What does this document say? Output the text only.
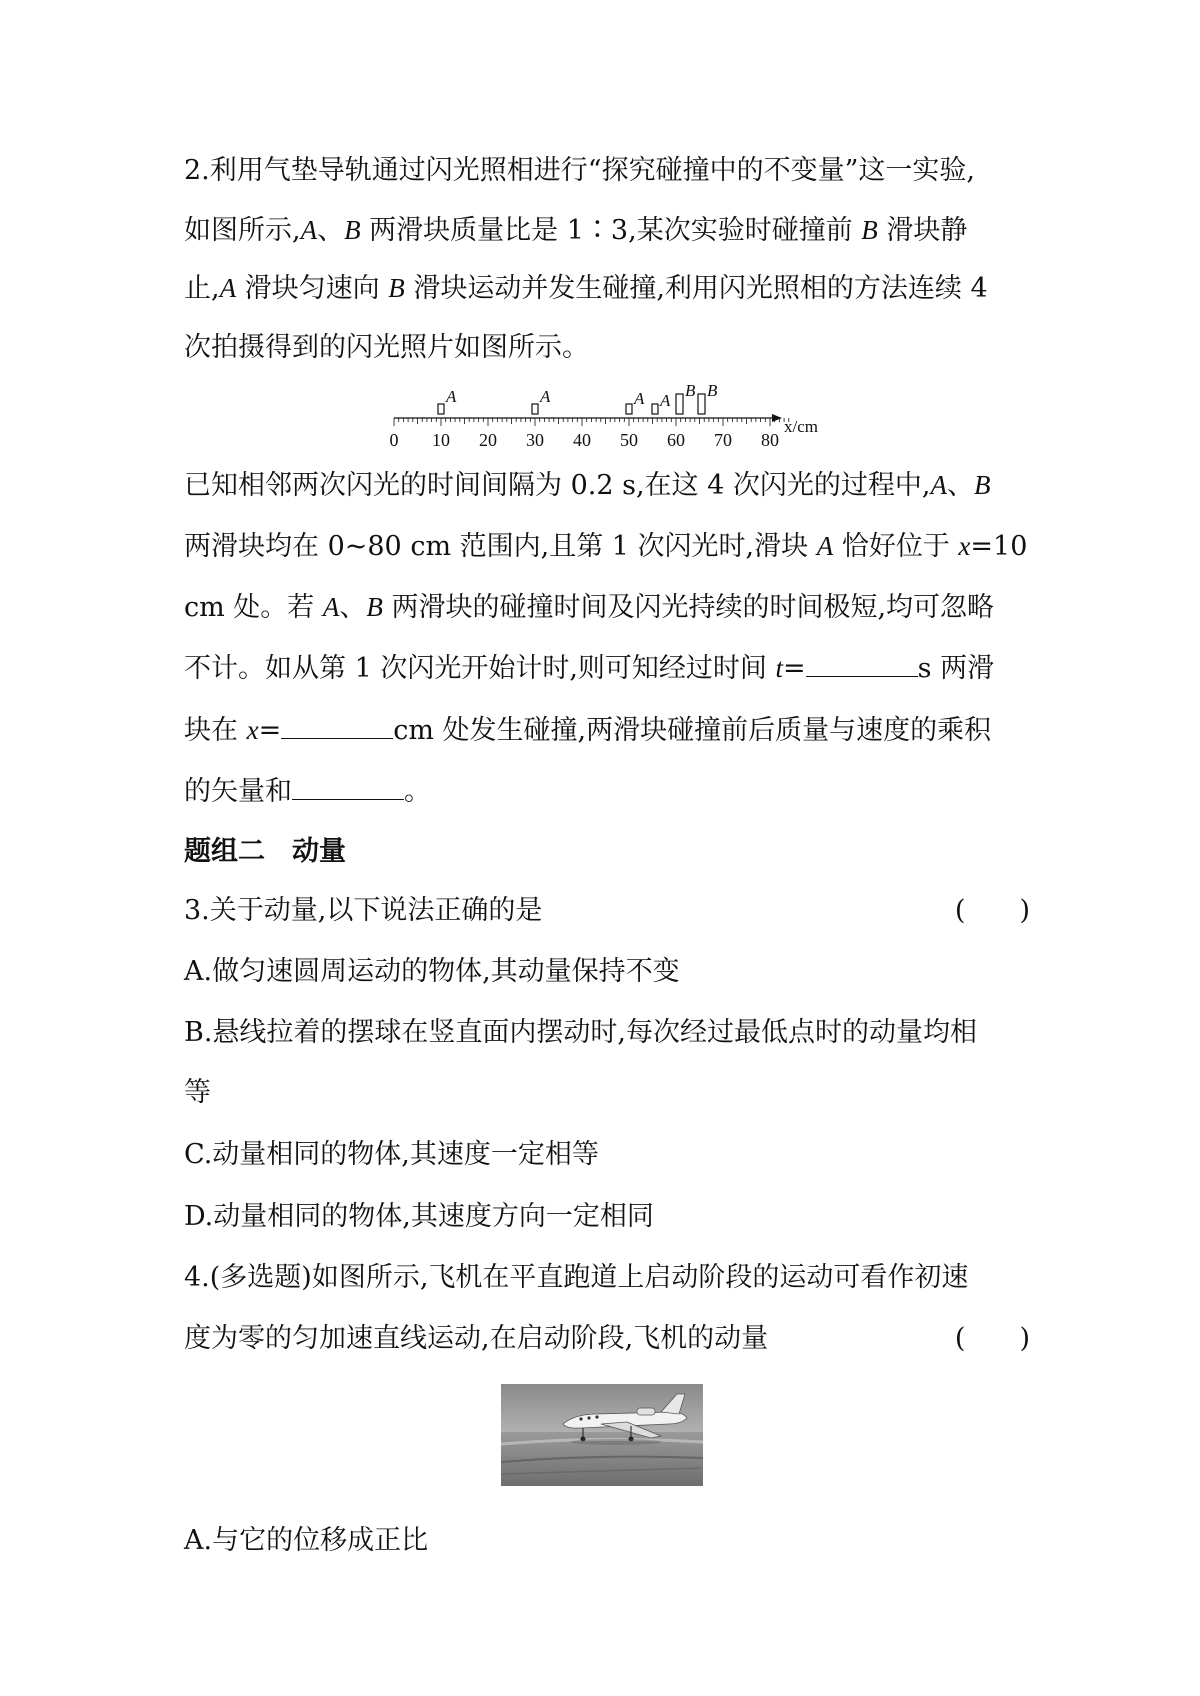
2.利用气垫导轨通过闪光照相进行“探究碰撞中的不变量”这一实验,
如图所示,A、B 两滑块质量比是 1∶3,某次实验时碰撞前 B 滑块静
止,A 滑块匀速向 B 滑块运动并发生碰撞,利用闪光照相的方法连续 4
次拍摄得到的闪光照片如图所示。
0 10 20 30 40 50 60 70 80
x/cm
A	A	A A
B B
已知相邻两次闪光的时间间隔为 0.2 s,在这 4 次闪光的过程中,A、B
两滑块均在 0~80 cm 范围内,且第 1 次闪光时,滑块 A 恰好位于 x=10
cm 处。若 A、B 两滑块的碰撞时间及闪光持续的时间极短,均可忽略
不计。如从第 1 次闪光开始计时,则可知经过时间 t=	s 两滑
块在 x=	cm 处发生碰撞,两滑块碰撞前后质量与速度的乘积
的矢量和	。
题组二　动量
3.关于动量,以下说法正确的是	(　　)
A.做匀速圆周运动的物体,其动量保持不变
B.悬线拉着的摆球在竖直面内摆动时,每次经过最低点时的动量均相
等
C.动量相同的物体,其速度一定相等
D.动量相同的物体,其速度方向一定相同
4.(多选题)如图所示,飞机在平直跑道上启动阶段的运动可看作初速
度为零的匀加速直线运动,在启动阶段,飞机的动量	(　　)
A.与它的位移成正比
